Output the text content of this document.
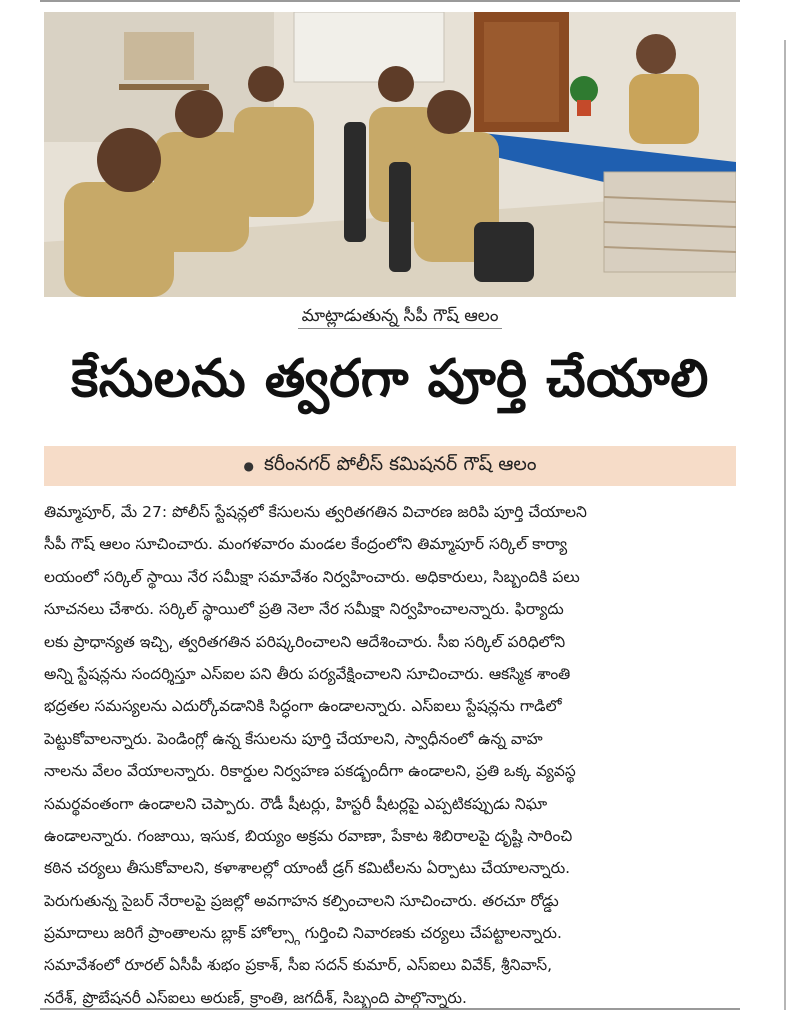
మాట్లాడుతున్న సీపీ గౌష్ ఆలం
కేసులను త్వరగా పూర్తి చేయాలి
● కరీంనగర్ పోలీస్ కమిషనర్ గౌష్ ఆలం
తిమ్మాపూర్, మే 27: పోలీస్ స్టేషన్లలో కేసులను త్వరితగతిన విచారణ జరిపి పూర్తి చేయాలని
సీపీ గౌష్ ఆలం సూచించారు. మంగళవారం మండల కేంద్రంలోని తిమ్మాపూర్ సర్కిల్ కార్యా
లయంలో సర్కిల్ స్థాయి నేర సమీక్షా సమావేశం నిర్వహించారు. అధికారులు, సిబ్బందికి పలు
సూచనలు చేశారు. సర్కిల్ స్థాయిలో ప్రతి నెలా నేర సమీక్షా నిర్వహించాలన్నారు. ఫిర్యాదు
లకు ప్రాధాన్యత ఇచ్చి, త్వరితగతిన పరిష్కరించాలని ఆదేశించారు. సీఐ సర్కిల్ పరిధిలోని
అన్ని స్టేషన్లను సందర్శిస్తూ ఎస్ఐల పని తీరు పర్యవేక్షించాలని సూచించారు. ఆకస్మిక శాంతి
భద్రతల సమస్యలను ఎదుర్కోవడానికి సిద్ధంగా ఉండాలన్నారు. ఎస్ఐలు స్టేషన్లను గాడిలో
పెట్టుకోవాలన్నారు. పెండింగ్లో ఉన్న కేసులను పూర్తి చేయాలని, స్వాధీనంలో ఉన్న వాహ
నాలను వేలం వేయాలన్నారు. రికార్డుల నిర్వహణ పకడ్బందీగా ఉండాలని, ప్రతి ఒక్క వ్యవస్థ
సమర్థవంతంగా ఉండాలని చెప్పారు. రౌడీ షీటర్లు, హిస్టరీ షీటర్లపై ఎప్పటికప్పుడు నిఘా
ఉండాలన్నారు. గంజాయి, ఇసుక, బియ్యం అక్రమ రవాణా, పేకాట శిబిరాలపై దృష్టి సారించి
కఠిన చర్యలు తీసుకోవాలని, కళాశాలల్లో యాంటీ డ్రగ్ కమిటీలను ఏర్పాటు చేయాలన్నారు.
పెరుగుతున్న సైబర్ నేరాలపై ప్రజల్లో అవగాహన కల్పించాలని సూచించారు. తరచూ రోడ్డు
ప్రమాదాలు జరిగే ప్రాంతాలను బ్లాక్ హోల్స్గా గుర్తించి నివారణకు చర్యలు చేపట్టాలన్నారు.
సమావేశంలో రూరల్ ఏసీపీ శుభం ప్రకాశ్, సీఐ సదన్ కుమార్, ఎస్ఐలు వివేక్, శ్రీనివాస్,
నరేశ్, ప్రొబేషనరీ ఎస్ఐలు అరుణ్, క్రాంతి, జగదీశ్, సిబ్బంది పాల్గొన్నారు.
